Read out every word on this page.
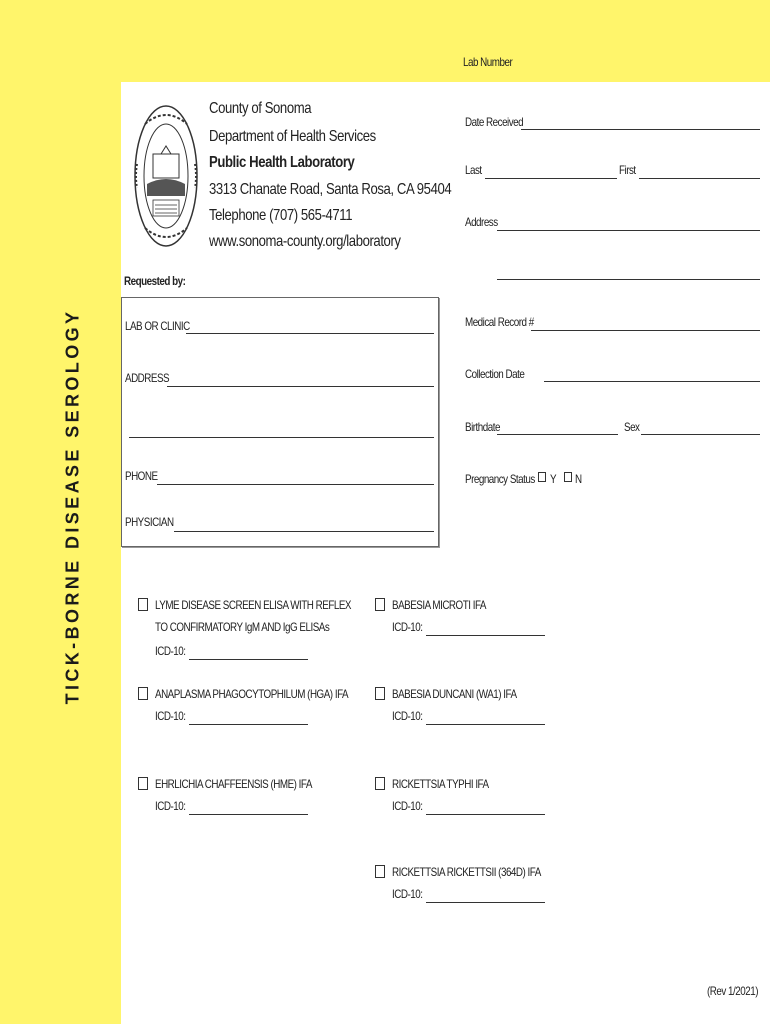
TICK-BORNE DISEASE SEROLOGY
Lab Number
County of Sonoma
Department of Health Services
Public Health Laboratory
3313 Chanate Road, Santa Rosa, CA 95404
Telephone (707) 565-4711
www.sonoma-county.org/laboratory
Requested by:
LAB OR CLINIC
ADDRESS
PHONE
PHYSICIAN
Date Received
Last	First
Address
Medical Record #
Collection Date
Birthdate	Sex
Pregnancy Status Y N
LYME DISEASE SCREEN ELISA WITH REFLEX
TO CONFIRMATORY IgM AND IgG ELISAs
ICD-10:
ANAPLASMA PHAGOCYTOPHILUM (HGA) IFA
ICD-10:
EHRLICHIA CHAFFEENSIS (HME) IFA
ICD-10:
BABESIA MICROTI IFA
ICD-10:
BABESIA DUNCANI (WA1) IFA
ICD-10:
RICKETTSIA TYPHI IFA
ICD-10:
RICKETTSIA RICKETTSII (364D) IFA
ICD-10:
(Rev 1/2021)
